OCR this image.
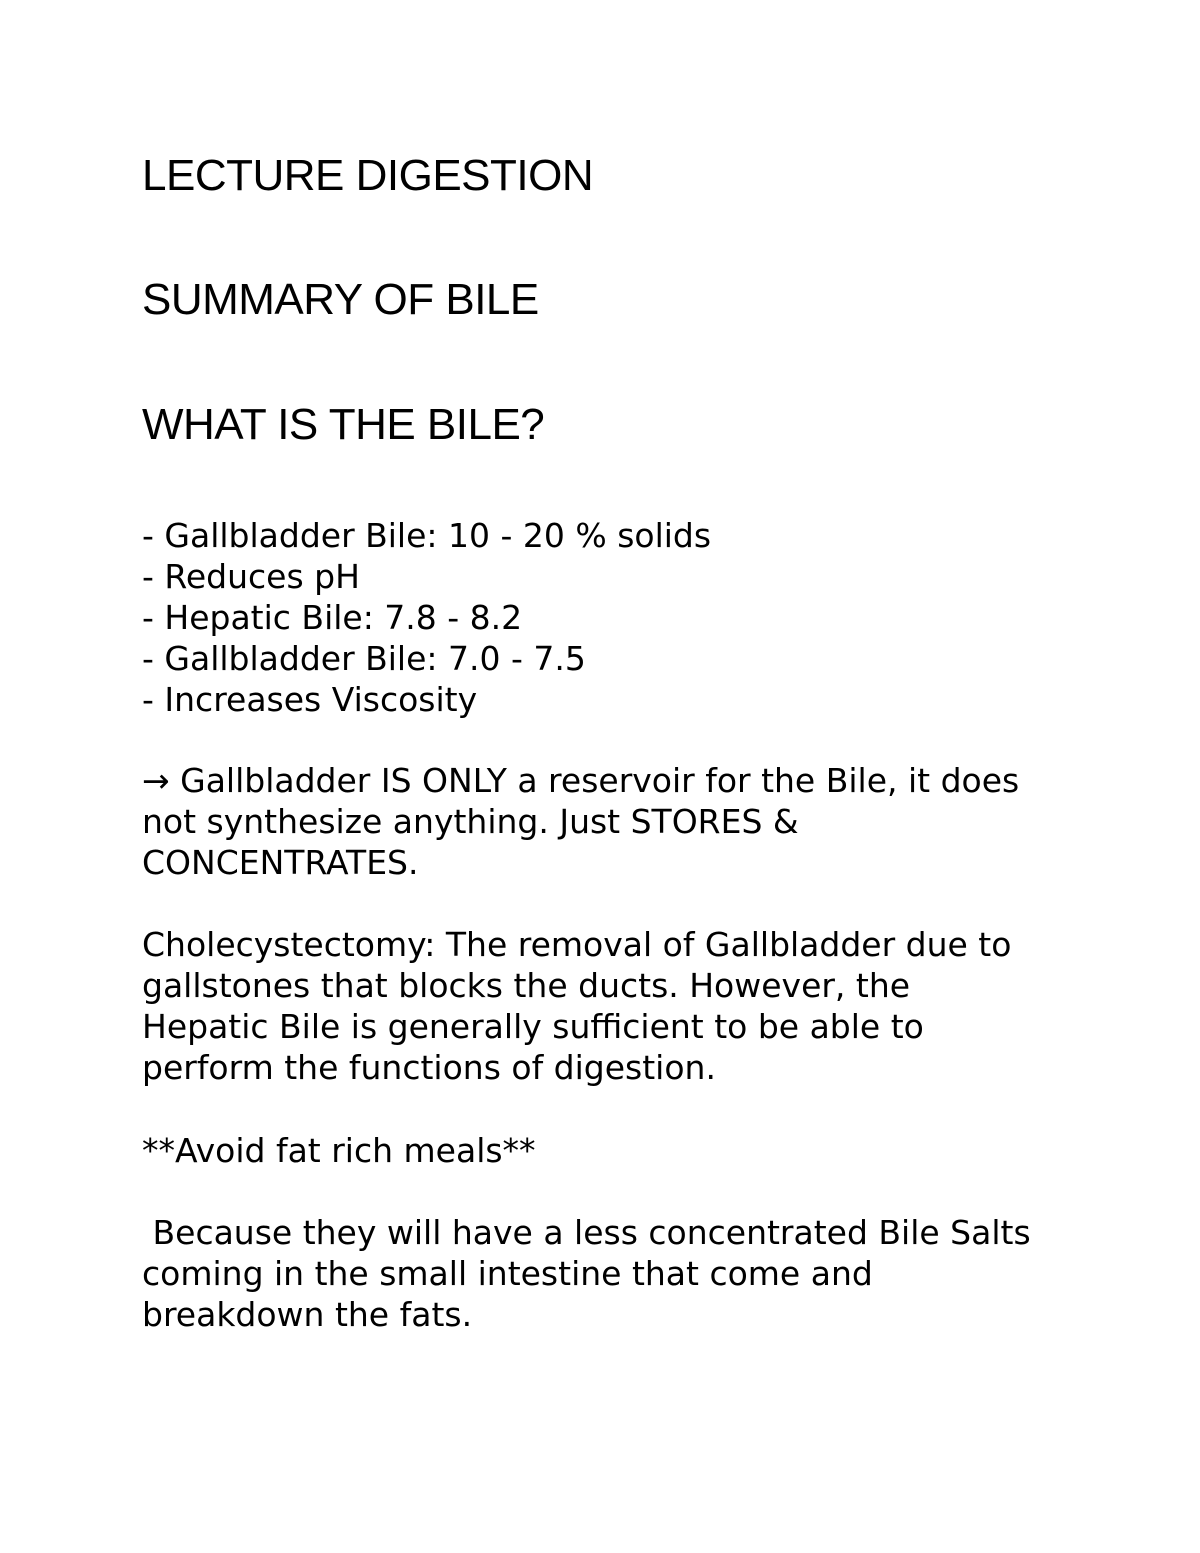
LECTURE DIGESTION
SUMMARY OF BILE
WHAT IS THE BILE?
- Gallbladder Bile: 10 - 20 % solids
- Reduces pH
- Hepatic Bile: 7.8 - 8.2
- Gallbladder Bile: 7.0 - 7.5
- Increases Viscosity

→ Gallbladder IS ONLY a reservoir for the Bile, it does not synthesize anything. Just STORES & CONCENTRATES.

Cholecystectomy: The removal of Gallbladder due to gallstones that blocks the ducts. However, the Hepatic Bile is generally sufficient to be able to perform the functions of digestion.

**Avoid fat rich meals**

Because they will have a less concentrated Bile Salts coming in the small intestine that come and breakdown the fats.
